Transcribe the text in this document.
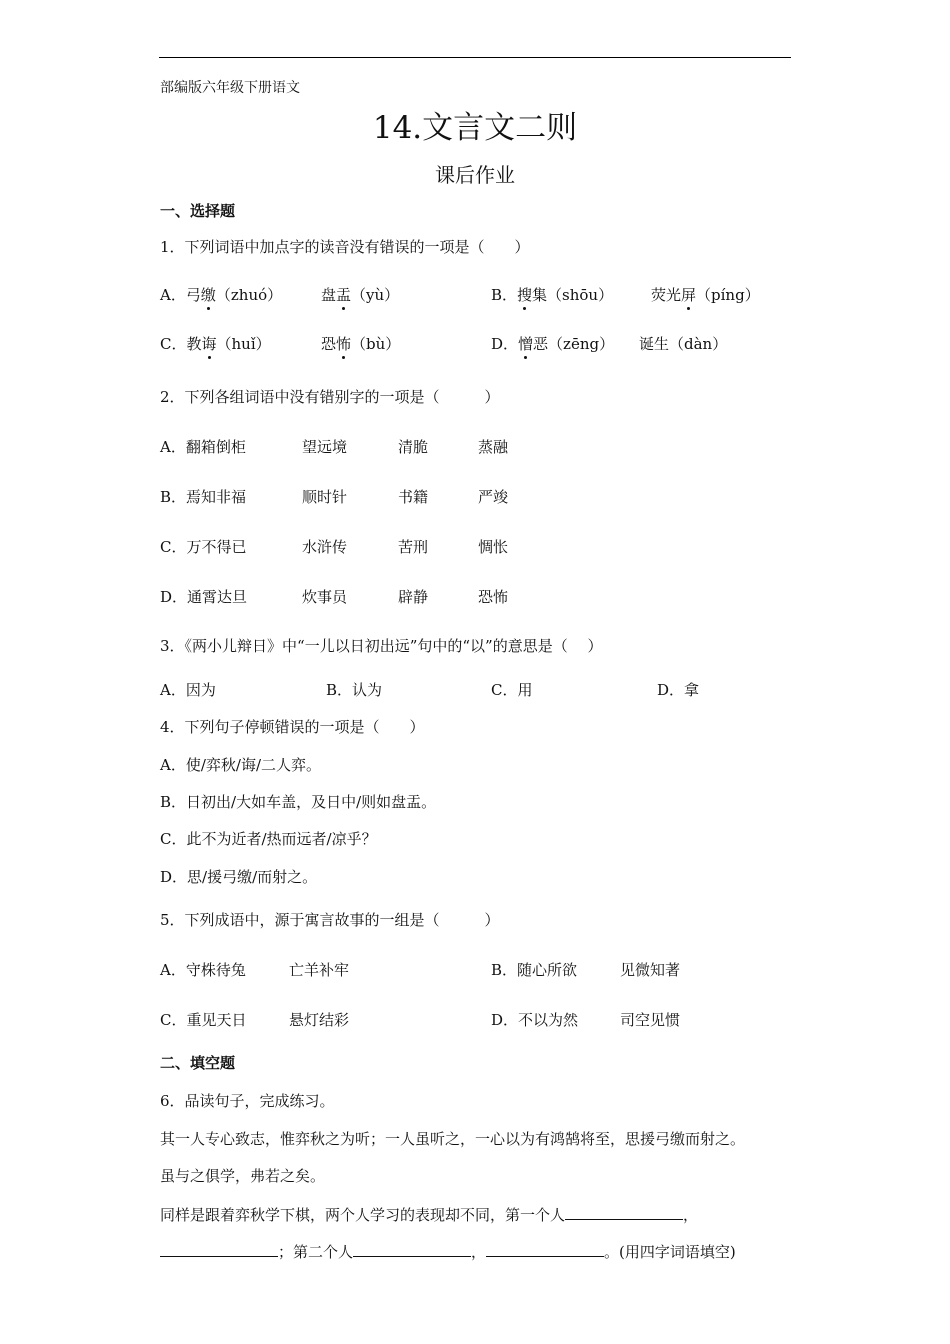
部编版六年级下册语文
14.文言文二则
课后作业
一、选择题
1．下列词语中加点字的读音没有错误的一项是（　　）
A．弓缴（zhuó）	盘盂（yù）	B．搜集（shōu）	荧光屏（píng）
C．教诲（huǐ）	恐怖（bù）	D．憎恶（zēng） 诞生（dàn）
2．下列各组词语中没有错别字的一项是（　　　）
A．翻箱倒柜	望远境	清脆	蒸融
B．焉知非福	顺时针	书籍	严竣
C．万不得已	水浒传	苦刑	惆怅
D．通霄达旦	炊事员	辟静	恐怖
3．《两小儿辩日》中“一儿以日初出远”句中的“以”的意思是（　 ）
A．因为	B．认为	C．用	D．拿
4．下列句子停顿错误的一项是（　　）
A．使/弈秋/诲/二人弈。
B．日初出/大如车盖，及日中/则如盘盂。
C．此不为近者/热而远者/凉乎？
D．思/援弓缴/而射之。
5．下列成语中，源于寓言故事的一组是（　　　）
A．守株待兔	亡羊补牢	B．随心所欲	见微知著
C．重见天日	悬灯结彩	D．不以为然	司空见惯
二、填空题
6．品读句子，完成练习。
其一人专心致志，惟弈秋之为听；一人虽听之，一心以为有鸿鹄将至，思援弓缴而射之。
虽与之俱学，弗若之矣。
同样是跟着弈秋学下棋，两个人学习的表现却不同，第一个人	，
；第二个人	，	。(用四字词语填空)
